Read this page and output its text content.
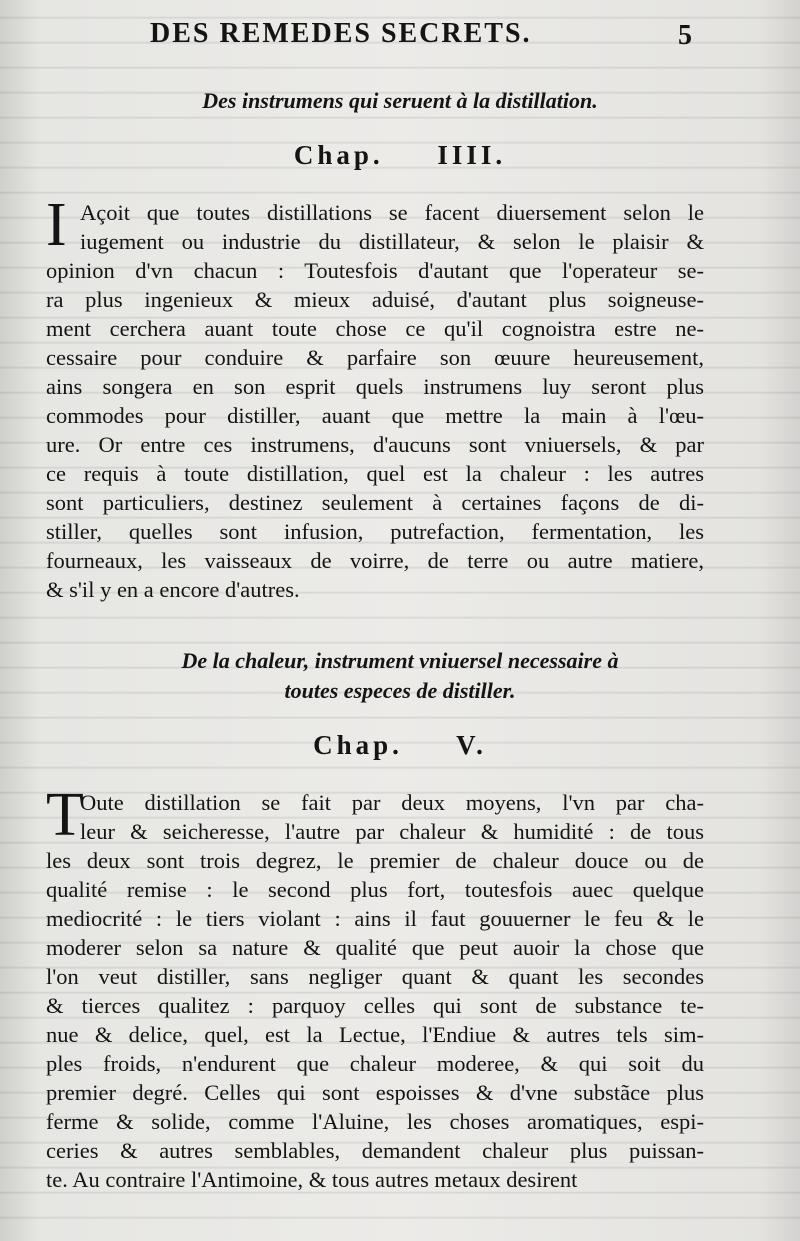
DES REMEDES SECRETS.	5
Des instrumens qui seruent à la distillation.
Chap. IIII.
I Açoit que toutes distillations se facent diuersement selon le
iugement ou industrie du distillateur, & selon le plaisir &
opinion d'vn chacun : Toutesfois d'autant que l'operateur se-
ra plus ingenieux & mieux aduisé, d'autant plus soigneuse-
ment cerchera auant toute chose ce qu'il cognoistra estre ne-
cessaire pour conduire & parfaire son œuure heureusement,
ains songera en son esprit quels instrumens luy seront plus
commodes pour distiller, auant que mettre la main à l'œu-
ure. Or entre ces instrumens, d'aucuns sont vniuersels, & par
ce requis à toute distillation, quel est la chaleur : les autres
sont particuliers, destinez seulement à certaines façons de di-
stiller, quelles sont infusion, putrefaction, fermentation, les
fourneaux, les vaisseaux de voirre, de terre ou autre matiere,
& s'il y en a encore d'autres.
De la chaleur, instrument vniuersel necessaire à
toutes especes de distiller.
Chap. V.
T
Oute distillation se fait par deux moyens, l'vn par cha-
leur & seicheresse, l'autre par chaleur & humidité : de tous
les deux sont trois degrez, le premier de chaleur douce ou de
qualité remise : le second plus fort, toutesfois auec quelque
mediocrité : le tiers violant : ains il faut gouuerner le feu & le
moderer selon sa nature & qualité que peut auoir la chose que
l'on veut distiller, sans negliger quant & quant les secondes
& tierces qualitez : parquoy celles qui sont de substance te-
nue & delice, quel, est la Lectue, l'Endiue & autres tels sim-
ples froids, n'endurent que chaleur moderee, & qui soit du
premier degré. Celles qui sont espoisses & d'vne substãce plus
ferme & solide, comme l'Aluine, les choses aromatiques, espi-
ceries & autres semblables, demandent chaleur plus puissan-
te. Au contraire l'Antimoine, & tous autres metaux desirent
